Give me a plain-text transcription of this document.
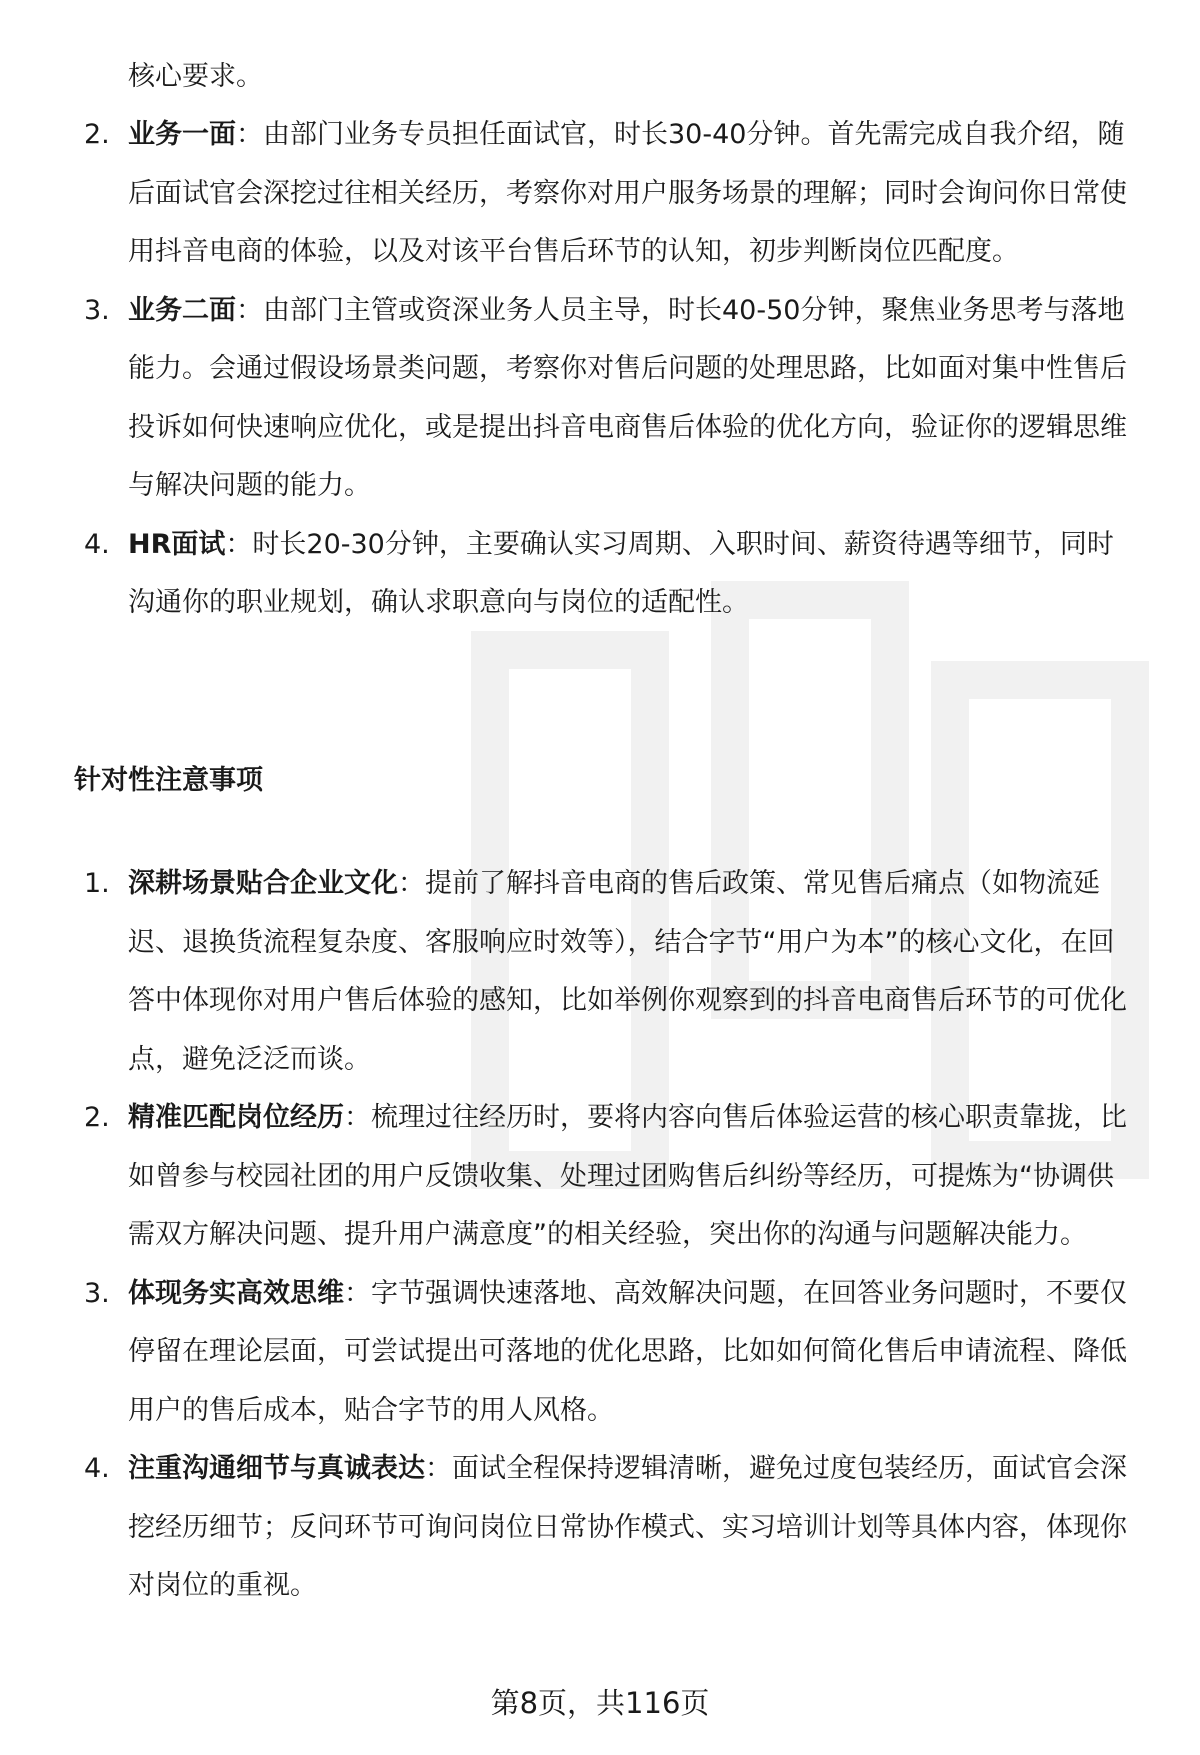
核心要求。

2. 业务一面：由部门业务专员担任面试官，时长30-40分钟。首先需完成自我介绍，随后面试官会深挖过往相关经历，考察你对用户服务场景的理解；同时会询问你日常使用抖音电商的体验，以及对该平台售后环节的认知，初步判断岗位匹配度。
3. 业务二面：由部门主管或资深业务人员主导，时长40-50分钟，聚焦业务思考与落地能力。会通过假设场景类问题，考察你对售后问题的处理思路，比如面对集中性售后投诉如何快速响应优化，或是提出抖音电商售后体验的优化方向，验证你的逻辑思维与解决问题的能力。
4. HR面试：时长20-30分钟，主要确认实习周期、入职时间、薪资待遇等细节，同时沟通你的职业规划，确认求职意向与岗位的适配性。
针对性注意事项
1. 深耕场景贴合企业文化：提前了解抖音电商的售后政策、常见售后痛点（如物流延迟、退换货流程复杂度、客服响应时效等），结合字节“用户为本”的核心文化，在回答中体现你对用户售后体验的感知，比如举例你观察到的抖音电商售后环节的可优化点，避免泛泛而谈。
2. 精准匹配岗位经历：梳理过往经历时，要将内容向售后体验运营的核心职责靠拢，比如曾参与校园社团的用户反馈收集、处理过团购售后纠纷等经历，可提炼为“协调供需双方解决问题、提升用户满意度”的相关经验，突出你的沟通与问题解决能力。
3. 体现务实高效思维：字节强调快速落地、高效解决问题，在回答业务问题时，不要仅停留在理论层面，可尝试提出可落地的优化思路，比如如何简化售后申请流程、降低用户的售后成本，贴合字节的用人风格。
4. 注重沟通细节与真诚表达：面试全程保持逻辑清晰，避免过度包装经历，面试官会深挖经历细节；反问环节可询问岗位日常协作模式、实习培训计划等具体内容，体现你对岗位的重视。
第8页，共116页
